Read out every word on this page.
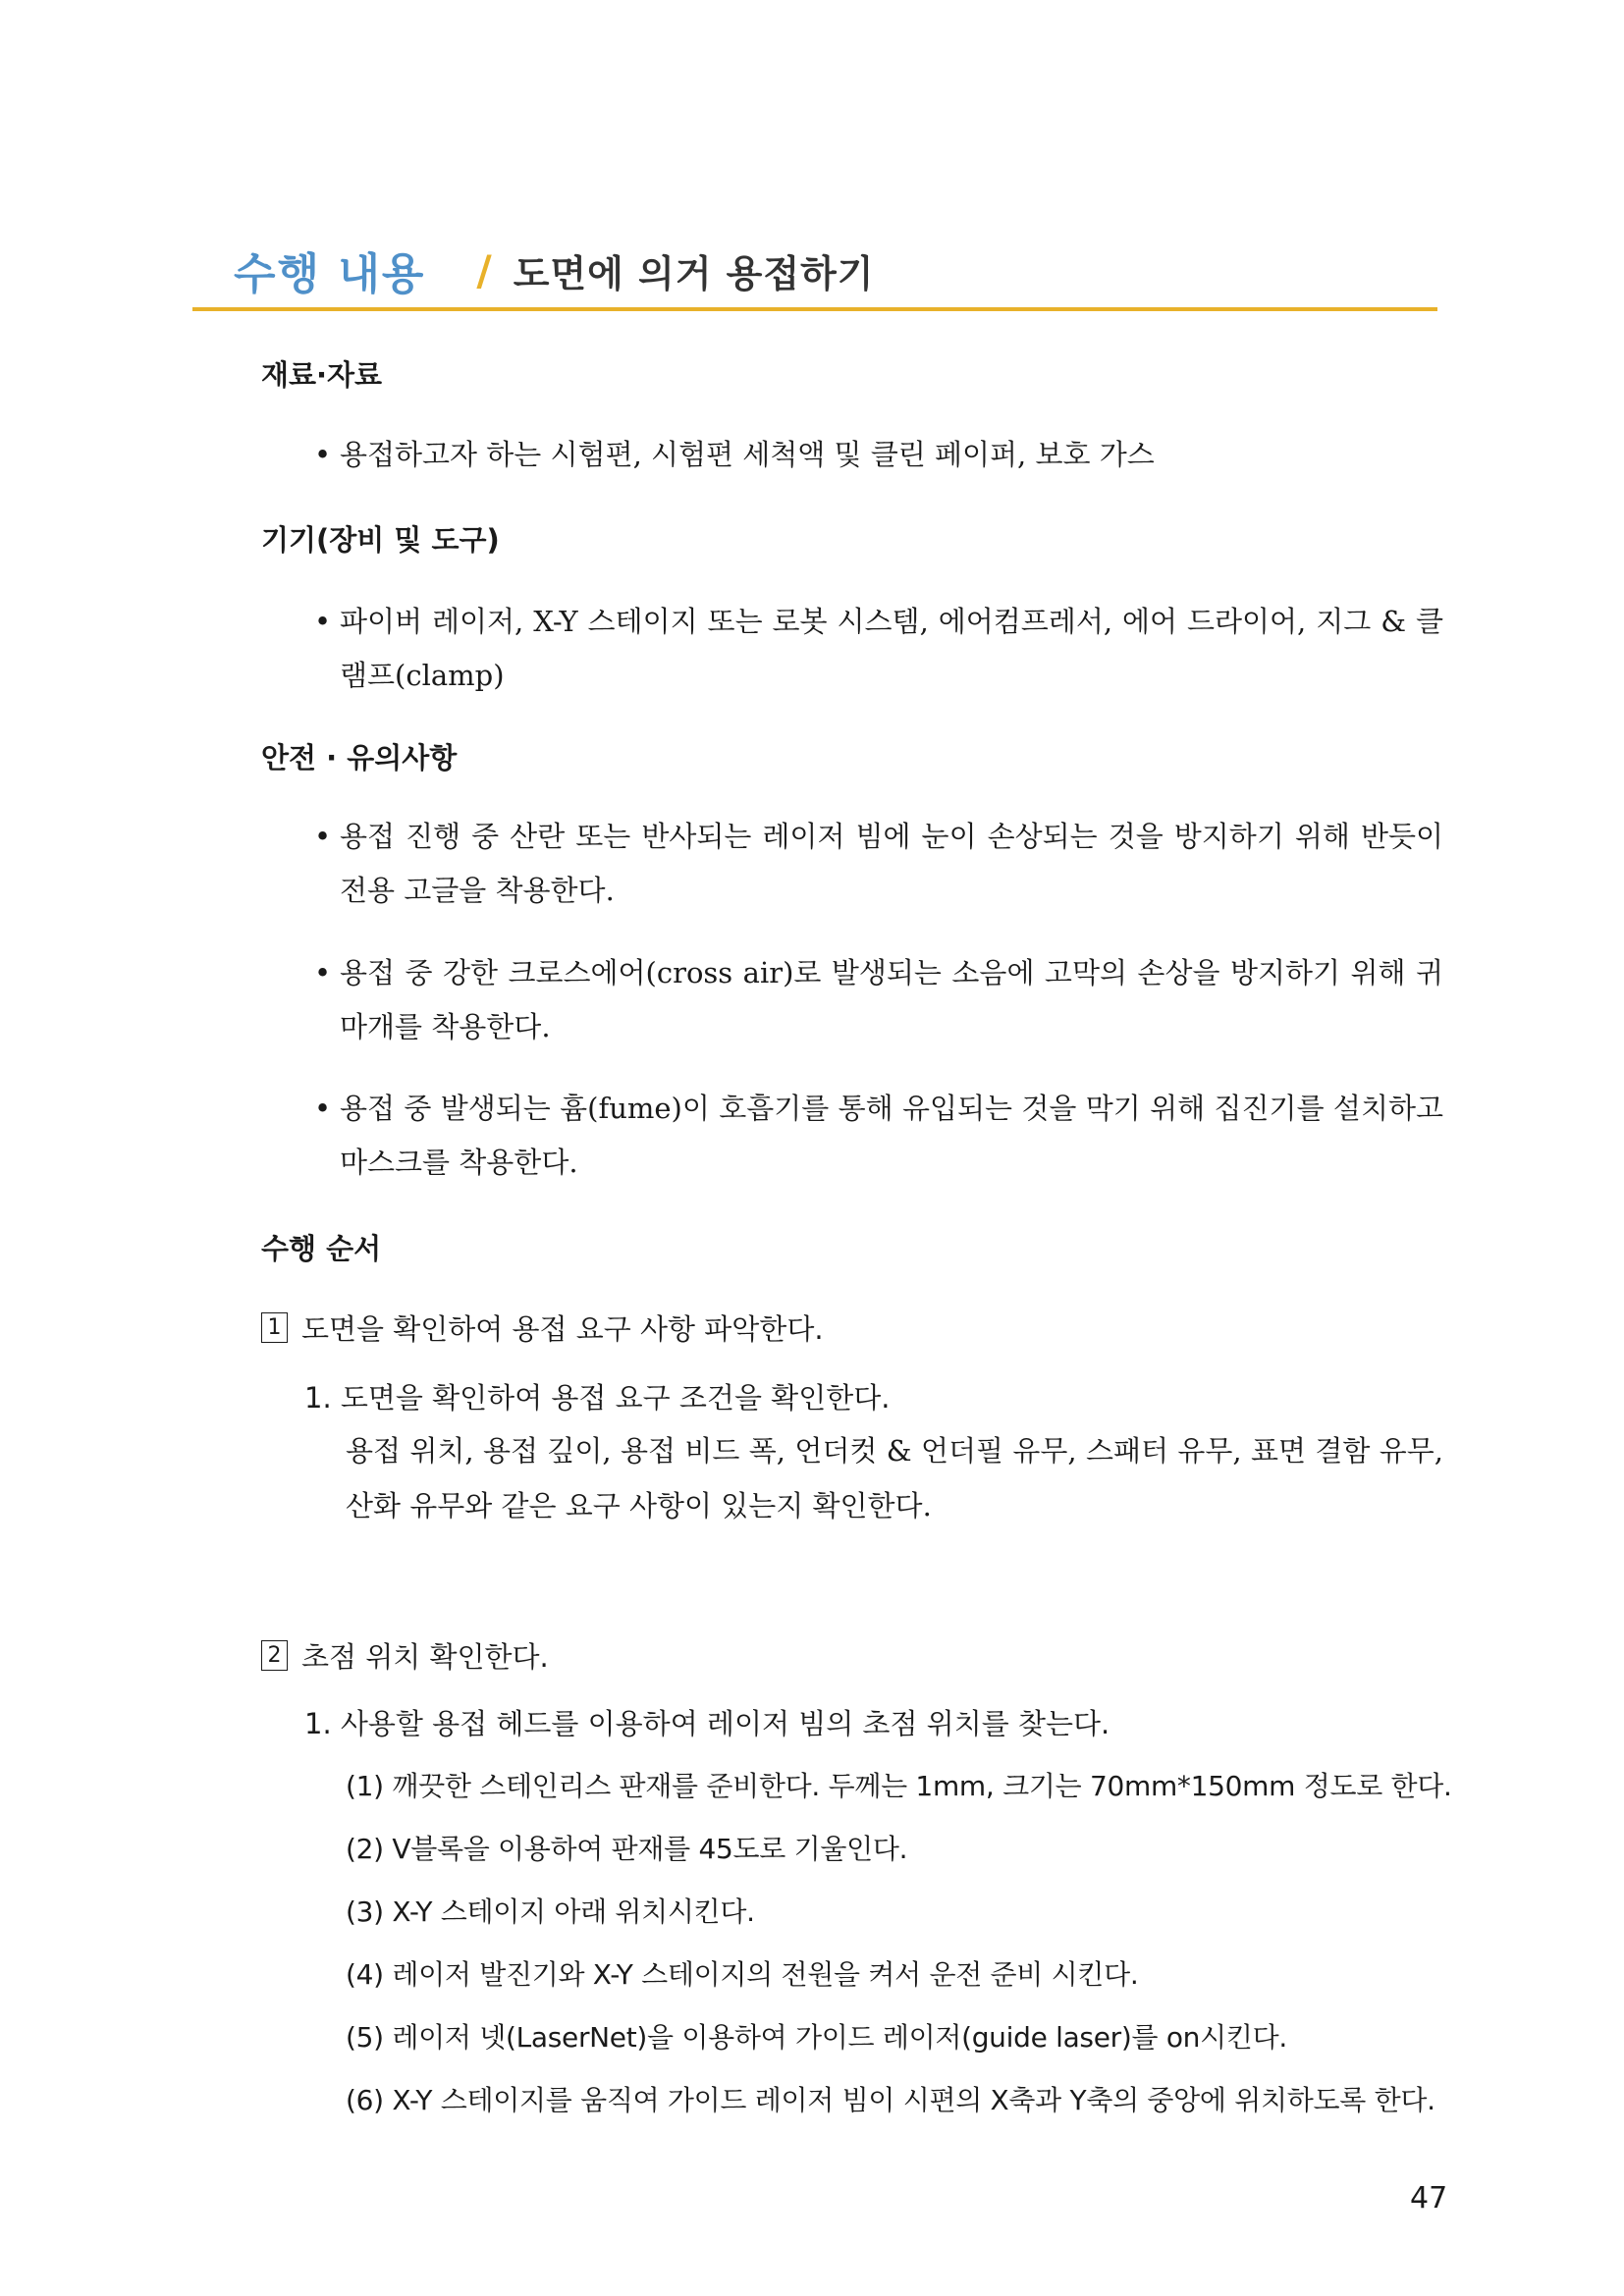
수행 내용 / 도면에 의거 용접하기
재료·자료
• 용접하고자 하는 시험편, 시험편 세척액 및 클린 페이퍼, 보호 가스
기기(장비 및 도구)
• 파이버 레이저, X-Y 스테이지 또는 로봇 시스템, 에어컴프레서, 에어 드라이어, 지그 & 클램프(clamp)
안전 · 유의사항
• 용접 진행 중 산란 또는 반사되는 레이저 빔에 눈이 손상되는 것을 방지하기 위해 반듯이 전용 고글을 착용한다.
• 용접 중 강한 크로스에어(cross air)로 발생되는 소음에 고막의 손상을 방지하기 위해 귀마개를 착용한다.
• 용접 중 발생되는 흄(fume)이 호흡기를 통해 유입되는 것을 막기 위해 집진기를 설치하고 마스크를 착용한다.
수행 순서
1 도면을 확인하여 용접 요구 사항 파악한다.
1. 도면을 확인하여 용접 요구 조건을 확인한다.
용접 위치, 용접 깊이, 용접 비드 폭, 언더컷 & 언더필 유무, 스패터 유무, 표면 결함 유무, 산화 유무와 같은 요구 사항이 있는지 확인한다.
2 초점 위치 확인한다.
1. 사용할 용접 헤드를 이용하여 레이저 빔의 초점 위치를 찾는다.
(1) 깨끗한 스테인리스 판재를 준비한다. 두께는 1mm, 크기는 70mm*150mm 정도로 한다.
(2) V블록을 이용하여 판재를 45도로 기울인다.
(3) X-Y 스테이지 아래 위치시킨다.
(4) 레이저 발진기와 X-Y 스테이지의 전원을 켜서 운전 준비 시킨다.
(5) 레이저 넷(LaserNet)을 이용하여 가이드 레이저(guide laser)를 on시킨다.
(6) X-Y 스테이지를 움직여 가이드 레이저 빔이 시편의 X축과 Y축의 중앙에 위치하도록 한다.
47
